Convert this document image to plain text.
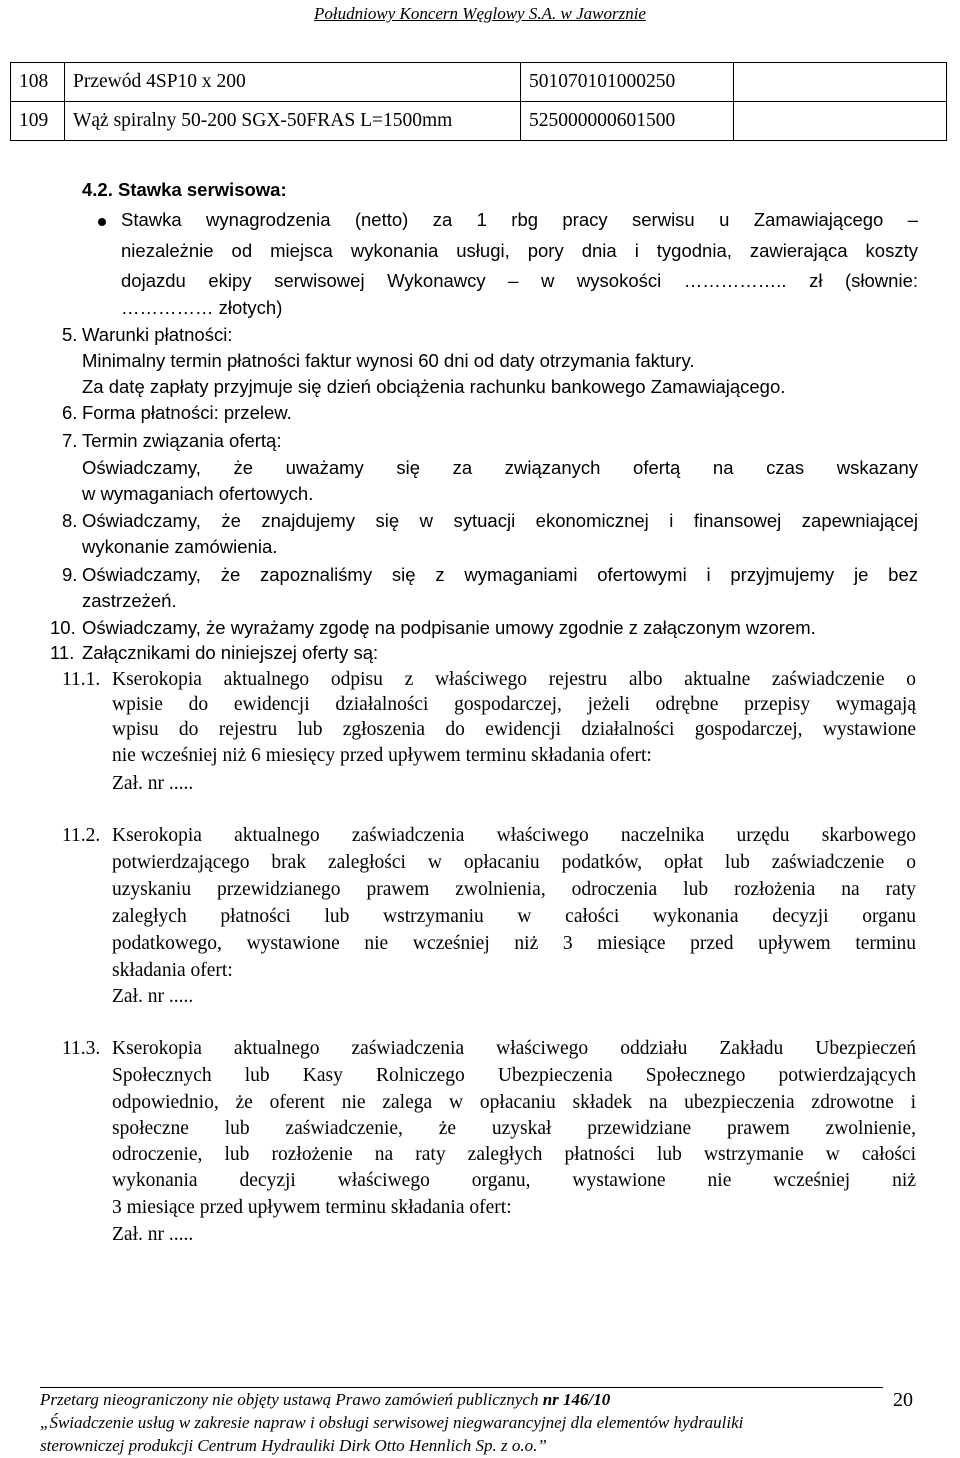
Południowy Koncern Węglowy S.A. w Jaworznie
108	Przewód 4SP10 x 200	501070101000250	
109	Wąż spiralny 50-200 SGX-50FRAS L=1500mm	525000000601500	
4.2. Stawka serwisowa:
Stawka wynagrodzenia (netto) za 1 rbg pracy serwisu u Zamawiającego –
niezależnie od miejsca wykonania usługi, pory dnia i tygodnia, zawierająca koszty
dojazdu ekipy serwisowej Wykonawcy – w wysokości …………….. zł (słownie:
…………… złotych)
5. Warunki płatności:
Minimalny termin płatności faktur wynosi 60 dni od daty otrzymania faktury.
Za datę zapłaty przyjmuje się dzień obciążenia rachunku bankowego Zamawiającego.
6. Forma płatności: przelew.
7. Termin związania ofertą:
Oświadczamy, że uważamy się za związanych ofertą na czas wskazany
w wymaganiach ofertowych.
8. Oświadczamy, że znajdujemy się w sytuacji ekonomicznej i finansowej zapewniającej
wykonanie zamówienia.
9. Oświadczamy, że zapoznaliśmy się z wymaganiami ofertowymi i przyjmujemy je bez
zastrzeżeń.
10. Oświadczamy, że wyrażamy zgodę na podpisanie umowy zgodnie z załączonym wzorem.
11. Załącznikami do niniejszej oferty są:
11.1. Kserokopia aktualnego odpisu z właściwego rejestru albo aktualne zaświadczenie o
wpisie do ewidencji działalności gospodarczej, jeżeli odrębne przepisy wymagają
wpisu do rejestru lub zgłoszenia do ewidencji działalności gospodarczej, wystawione
nie wcześniej niż 6 miesięcy przed upływem terminu składania ofert:
Zał. nr .....
11.2. Kserokopia aktualnego zaświadczenia właściwego naczelnika urzędu skarbowego
potwierdzającego brak zaległości w opłacaniu podatków, opłat lub zaświadczenie o
uzyskaniu przewidzianego prawem zwolnienia, odroczenia lub rozłożenia na raty
zaległych płatności lub wstrzymaniu w całości wykonania decyzji organu
podatkowego, wystawione nie wcześniej niż 3 miesiące przed upływem terminu
składania ofert:
Zał. nr .....
11.3. Kserokopia aktualnego zaświadczenia właściwego oddziału Zakładu Ubezpieczeń
Społecznych lub Kasy Rolniczego Ubezpieczenia Społecznego potwierdzających
odpowiednio, że oferent nie zalega w opłacaniu składek na ubezpieczenia zdrowotne i
społeczne lub zaświadczenie, że uzyskał przewidziane prawem zwolnienie,
odroczenie, lub rozłożenie na raty zaległych płatności lub wstrzymanie w całości
wykonania decyzji właściwego organu, wystawione nie wcześniej niż
3 miesiące przed upływem terminu składania ofert:
Zał. nr .....
Przetarg nieograniczony nie objęty ustawą Prawo zamówień publicznych nr 146/10
„Świadczenie usług w zakresie napraw i obsługi serwisowej niegwarancyjnej dla elementów hydrauliki
sterowniczej produkcji Centrum Hydrauliki Dirk Otto Hennlich Sp. z o.o.”
20
